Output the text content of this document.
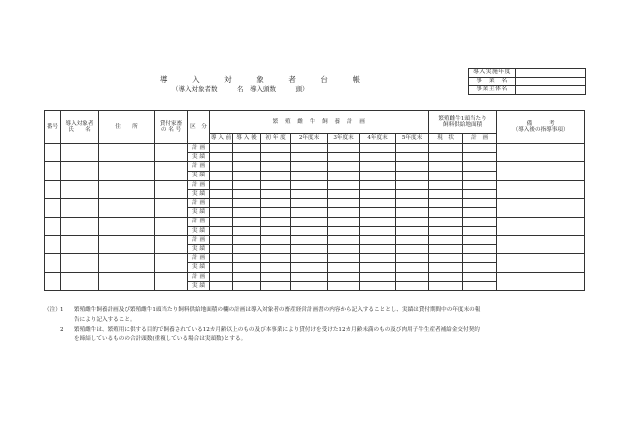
導	入	対	象	者	台	帳
（導入対象者数　　　名　導入頭数　　　頭）
導入実施年度	
事　業　名	
事業主体名	
番号	導入対象者
氏　　名	住　　所	貸付家畜
の 名 号	区　分	繁　殖　雌　牛　飼　養　計　画							繁殖雌牛1頭当たり
飼料供給地面積		備　　　考
（導入後の指導事項）
					導 入 前	導 入 後	初 年 度	2年度末	3年度末	4年度末	5年度末	現　状	計　画	
				計 画										
				実 績										
				計 画										
				実 績										
				計 画										
				実 績										
				計 画										
				実 績										
				計 画										
				実 績										
				計 画										
				実 績										
				計 画										
				実 績										
				計 画										
				実 績										
（注） 1	繁殖雌牛飼養計画及び繁殖雌牛1頭当たり飼料供給地面積の欄の計画は導入対象者の畜産経営計画書の内容から記入することとし、実績は貸付期間中の年度末の報
告により記入すること。
2	繁殖雌牛は、繁殖用に供する目的で飼養されている12カ月齢以上のもの及び本事業により貸付けを受けた12カ月齢未満のもの及び肉用子牛生産者補給金交付契約
を締結しているものの合計頭数(重複している場合は実頭数)とする。
